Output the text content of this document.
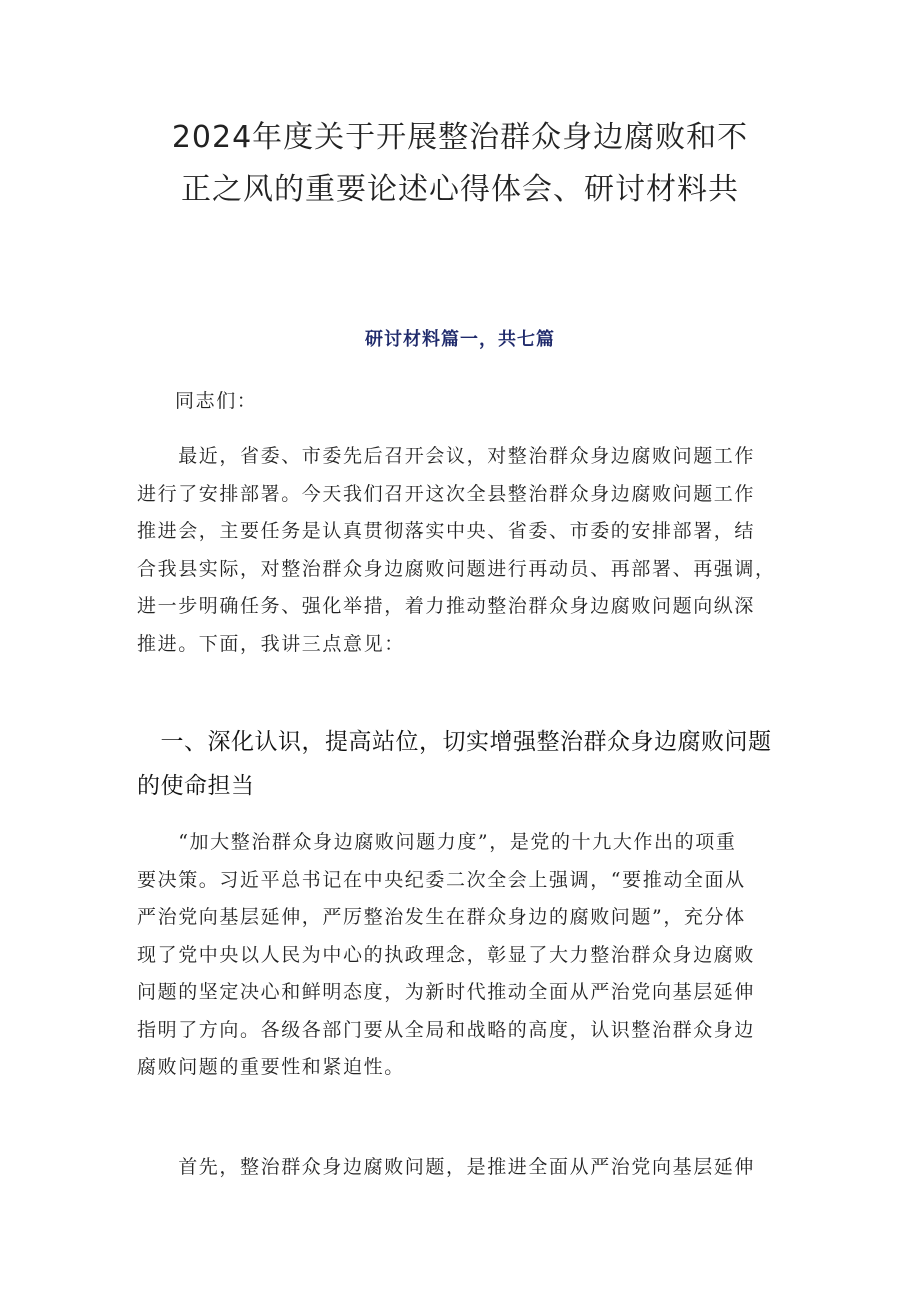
2024年度关于开展整治群众身边腐败和不
正之风的重要论述心得体会、研讨材料共
研讨材料篇一，共七篇
同志们：
　　最近，省委、市委先后召开会议，对整治群众身边腐败问题工作
进行了安排部署。今天我们召开这次全县整治群众身边腐败问题工作
推进会，主要任务是认真贯彻落实中央、省委、市委的安排部署，结
合我县实际，对整治群众身边腐败问题进行再动员、再部署、再强调，
进一步明确任务、强化举措，着力推动整治群众身边腐败问题向纵深
推进。下面，我讲三点意见：
　一、深化认识，提高站位，切实增强整治群众身边腐败问题
的使命担当
　　“加大整治群众身边腐败问题力度”，是党的十九大作出的项重
要决策。习近平总书记在中央纪委二次全会上强调，“要推动全面从
严治党向基层延伸，严厉整治发生在群众身边的腐败问题”，充分体
现了党中央以人民为中心的执政理念，彰显了大力整治群众身边腐败
问题的坚定决心和鲜明态度，为新时代推动全面从严治党向基层延伸
指明了方向。各级各部门要从全局和战略的高度，认识整治群众身边
腐败问题的重要性和紧迫性。
　　首先，整治群众身边腐败问题，是推进全面从严治党向基层延伸
